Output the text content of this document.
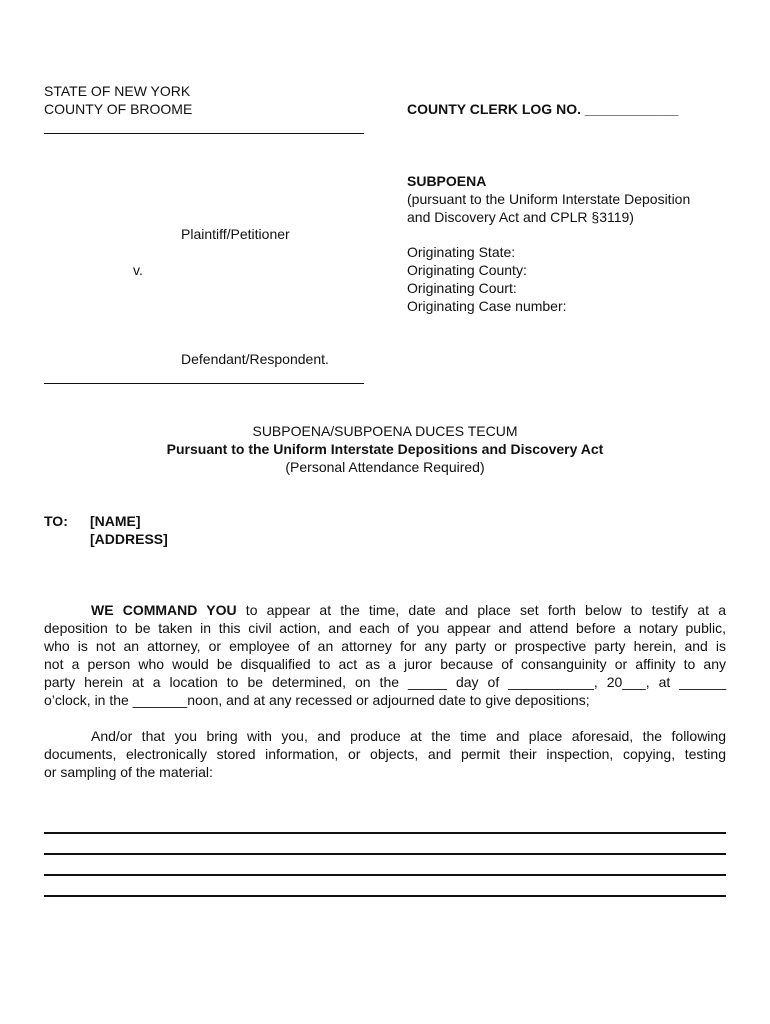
STATE OF NEW YORK
COUNTY OF BROOME
Plaintiff/Petitioner
v.
Defendant/Respondent.
COUNTY CLERK LOG NO. ____________
SUBPOENA
(pursuant to the Uniform Interstate Deposition
and Discovery Act and CPLR §3119)
Originating State:
Originating County:
Originating Court:
Originating Case number:
SUBPOENA/SUBPOENA DUCES TECUM
Pursuant to the Uniform Interstate Depositions and Discovery Act
(Personal Attendance Required)
TO: [NAME]
[ADDRESS]
WE COMMAND YOU to appear at the time, date and place set forth below to testify at a
deposition to be taken in this civil action, and each of you appear and attend before a notary public,
who is not an attorney, or employee of an attorney for any party or prospective party herein, and is
not a person who would be disqualified to act as a juror because of consanguinity or affinity to any
party herein at a location to be determined, on the _____ day of ___________, 20___, at ______
o’clock, in the _______noon, and at any recessed or adjourned date to give depositions;
And/or that you bring with you, and produce at the time and place aforesaid, the following
documents, electronically stored information, or objects, and permit their inspection, copying, testing
or sampling of the material:
